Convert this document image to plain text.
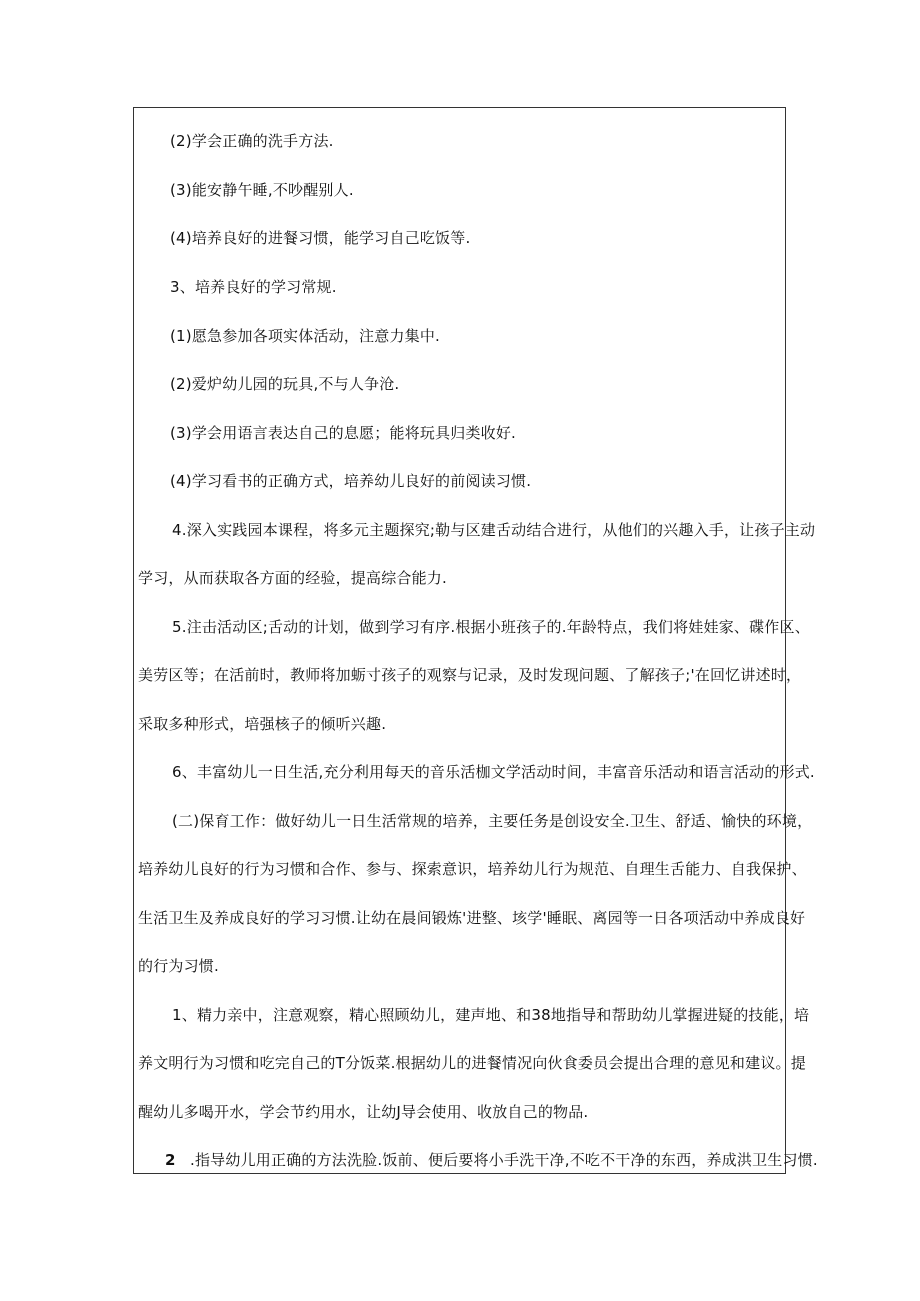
(2)学会正确的洗手方法.
(3)能安静午睡,不吵醒别人.
(4)培养良好的进餐习惯，能学习自己吃饭等.
3、培养良好的学习常规.
(1)愿急参加各项实体活动，注意力集中.
(2)爱炉幼儿园的玩具,不与人争沧.
(3)学会用语言表达自己的息愿；能将玩具归类收好.
(4)学习看书的正确方式，培养幼儿良好的前阅读习惯.
4.深入实践园本课程，将多元主题探究;勒与区建舌动结合进行，从他们的兴趣入手，让孩子主动
学习，从而获取各方面的经验，提高综合能力.
5.注击活动区;舌动的计划，做到学习有序.根据小班孩子的.年龄特点，我们将娃娃家、碟作区、
美劳区等；在活前时，教师将加蛎寸孩子的观察与记录，及时发现问题、了解孩子;'在回忆讲述时，
采取多种形式，培强核子的倾听兴趣.
6、丰富幼儿一日生活,充分利用每天的音乐活枷文学活动时间，丰富音乐活动和语言活动的形式.
(二)保育工作：做好幼儿一日生活常规的培养，主要任务是创设安全.卫生、舒适、愉快的环境，
培养幼儿良好的行为习惯和合作、参与、探索意识，培养幼儿行为规范、自理生舌能力、自我保护、
生活卫生及养成良好的学习习惯.让幼在晨间锻炼'进整、垓学'睡眠、离园等一日各项活动中养成良好
的行为习惯.
1、精力亲中，注意观察，精心照顾幼儿，建声地、和38地指导和帮助幼儿掌握进疑的技能，培
养文明行为习惯和吃完自己的T分饭菜.根据幼儿的进餐情况向伙食委员会提出合理的意见和建议。提
醒幼儿多喝开水，学会节约用水，让幼J导会使用、收放自己的物品.
2 .指导幼儿用正确的方法洗脸.饭前、便后要将小手洗干净,不吃不干净的东西，养成洪卫生习惯.
